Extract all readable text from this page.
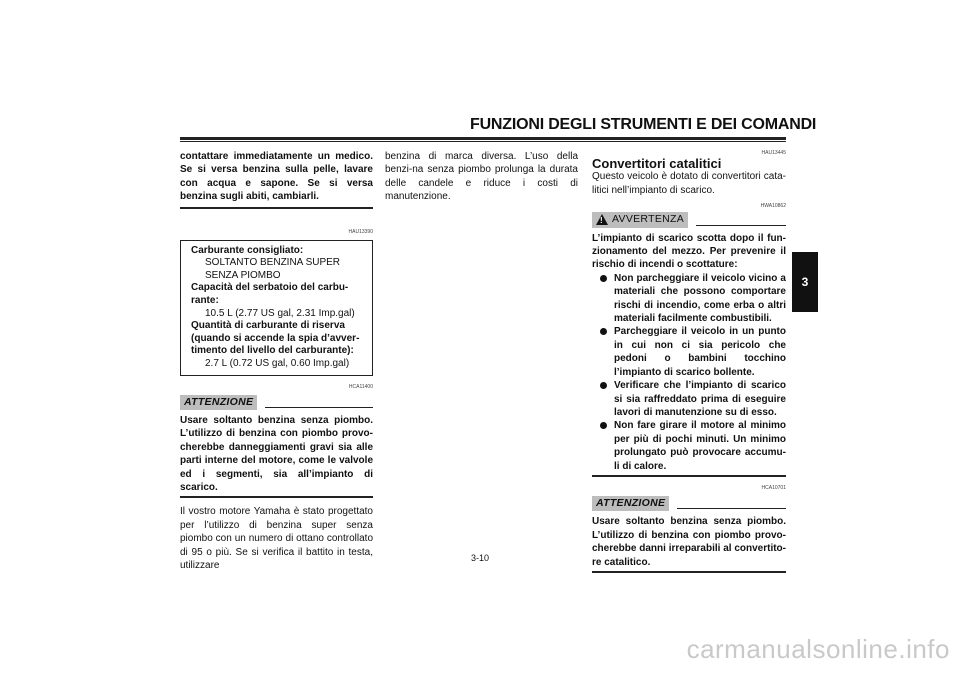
FUNZIONI DEGLI STRUMENTI E DEI COMANDI
3
contattare immediatamente un medico. Se si versa benzina sulla pelle, lavare con acqua e sapone. Se si versa benzina sugli abiti, cambiarli.
HAU13390
Carburante consigliato:
SOLTANTO BENZINA SUPER
SENZA PIOMBO
Capacità del serbatoio del carbu-rante:
10.5 L (2.77 US gal, 2.31 Imp.gal)
Quantità di carburante di riserva (quando si accende la spia d’avver-timento del livello del carburante):
2.7 L (0.72 US gal, 0.60 Imp.gal)
HCA11400
ATTENZIONE
Usare soltanto benzina senza piombo. L’utilizzo di benzina con piombo provo-cherebbe danneggiamenti gravi sia alle parti interne del motore, come le valvole ed i segmenti, sia all’impianto di scarico.
Il vostro motore Yamaha è stato progettato per l’utilizzo di benzina super senza piombo con un numero di ottano controllato di 95 o più. Se si verifica il battito in testa, utilizzare
benzina di marca diversa. L’uso della benzi-na senza piombo prolunga la durata delle candele e riduce i costi di manutenzione.
HAU13445
Convertitori catalitici
Questo veicolo è dotato di convertitori cata-litici nell’impianto di scarico.
HWA10862
! AVVERTENZA
L’impianto di scarico scotta dopo il fun-zionamento del mezzo. Per prevenire il rischio di incendi o scottature:
Non parcheggiare il veicolo vicino a materiali che possono comportare rischi di incendio, come erba o altri materiali facilmente combustibili.
Parcheggiare il veicolo in un punto in cui non ci sia pericolo che pedoni o bambini tocchino l’impianto di scarico bollente.
Verificare che l’impianto di scarico si sia raffreddato prima di eseguire lavori di manutenzione su di esso.
Non fare girare il motore al minimo per più di pochi minuti. Un minimo prolungato può provocare accumu-li di calore.
HCA10701
ATTENZIONE
Usare soltanto benzina senza piombo. L’utilizzo di benzina con piombo provo-cherebbe danni irreparabili al convertito-re catalitico.
3-10
carmanualsonline.info
